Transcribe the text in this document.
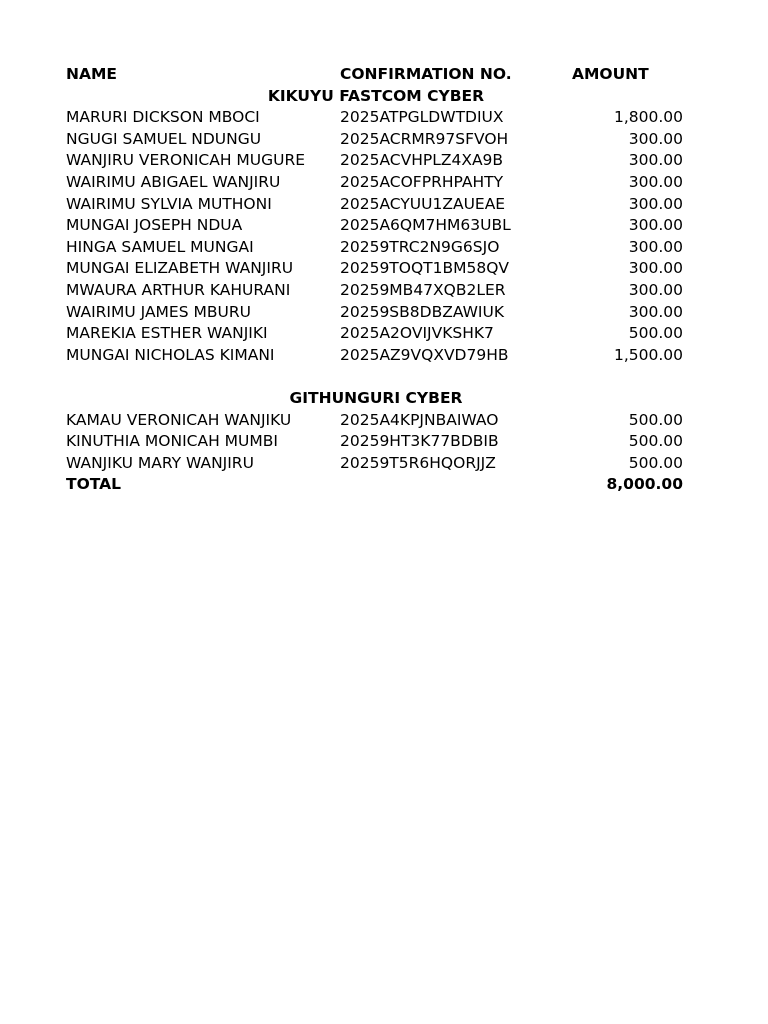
NAME	CONFIRMATION NO.	AMOUNT
KIKUYU FASTCOM CYBER
MARURI DICKSON MBOCI	2025ATPGLDWTDIUX	1,800.00
NGUGI SAMUEL NDUNGU	2025ACRMR97SFVOH	300.00
WANJIRU VERONICAH MUGURE 2025ACVHPLZ4XA9B	300.00
WAIRIMU ABIGAEL WANJIRU	2025ACOFPRHPAHTY	300.00
WAIRIMU SYLVIA MUTHONI	2025ACYUU1ZAUEAE	300.00
MUNGAI JOSEPH NDUA	2025A6QM7HM63UBL	300.00
HINGA SAMUEL MUNGAI	20259TRC2N9G6SJO	300.00
MUNGAI ELIZABETH WANJIRU	20259TOQT1BM58QV	300.00
MWAURA ARTHUR KAHURANI	20259MB47XQB2LER	300.00
WAIRIMU JAMES MBURU	20259SB8DBZAWIUK	300.00
MAREKIA ESTHER WANJIKI	2025A2OVIJVKSHK7	500.00
MUNGAI NICHOLAS KIMANI	2025AZ9VQXVD79HB	1,500.00
GITHUNGURI CYBER
KAMAU VERONICAH WANJIKU	2025A4KPJNBAIWAO	500.00
KINUTHIA MONICAH MUMBI	20259HT3K77BDBIB	500.00
WANJIKU MARY WANJIRU	20259T5R6HQORJJZ	500.00
TOTAL	8,000.00
